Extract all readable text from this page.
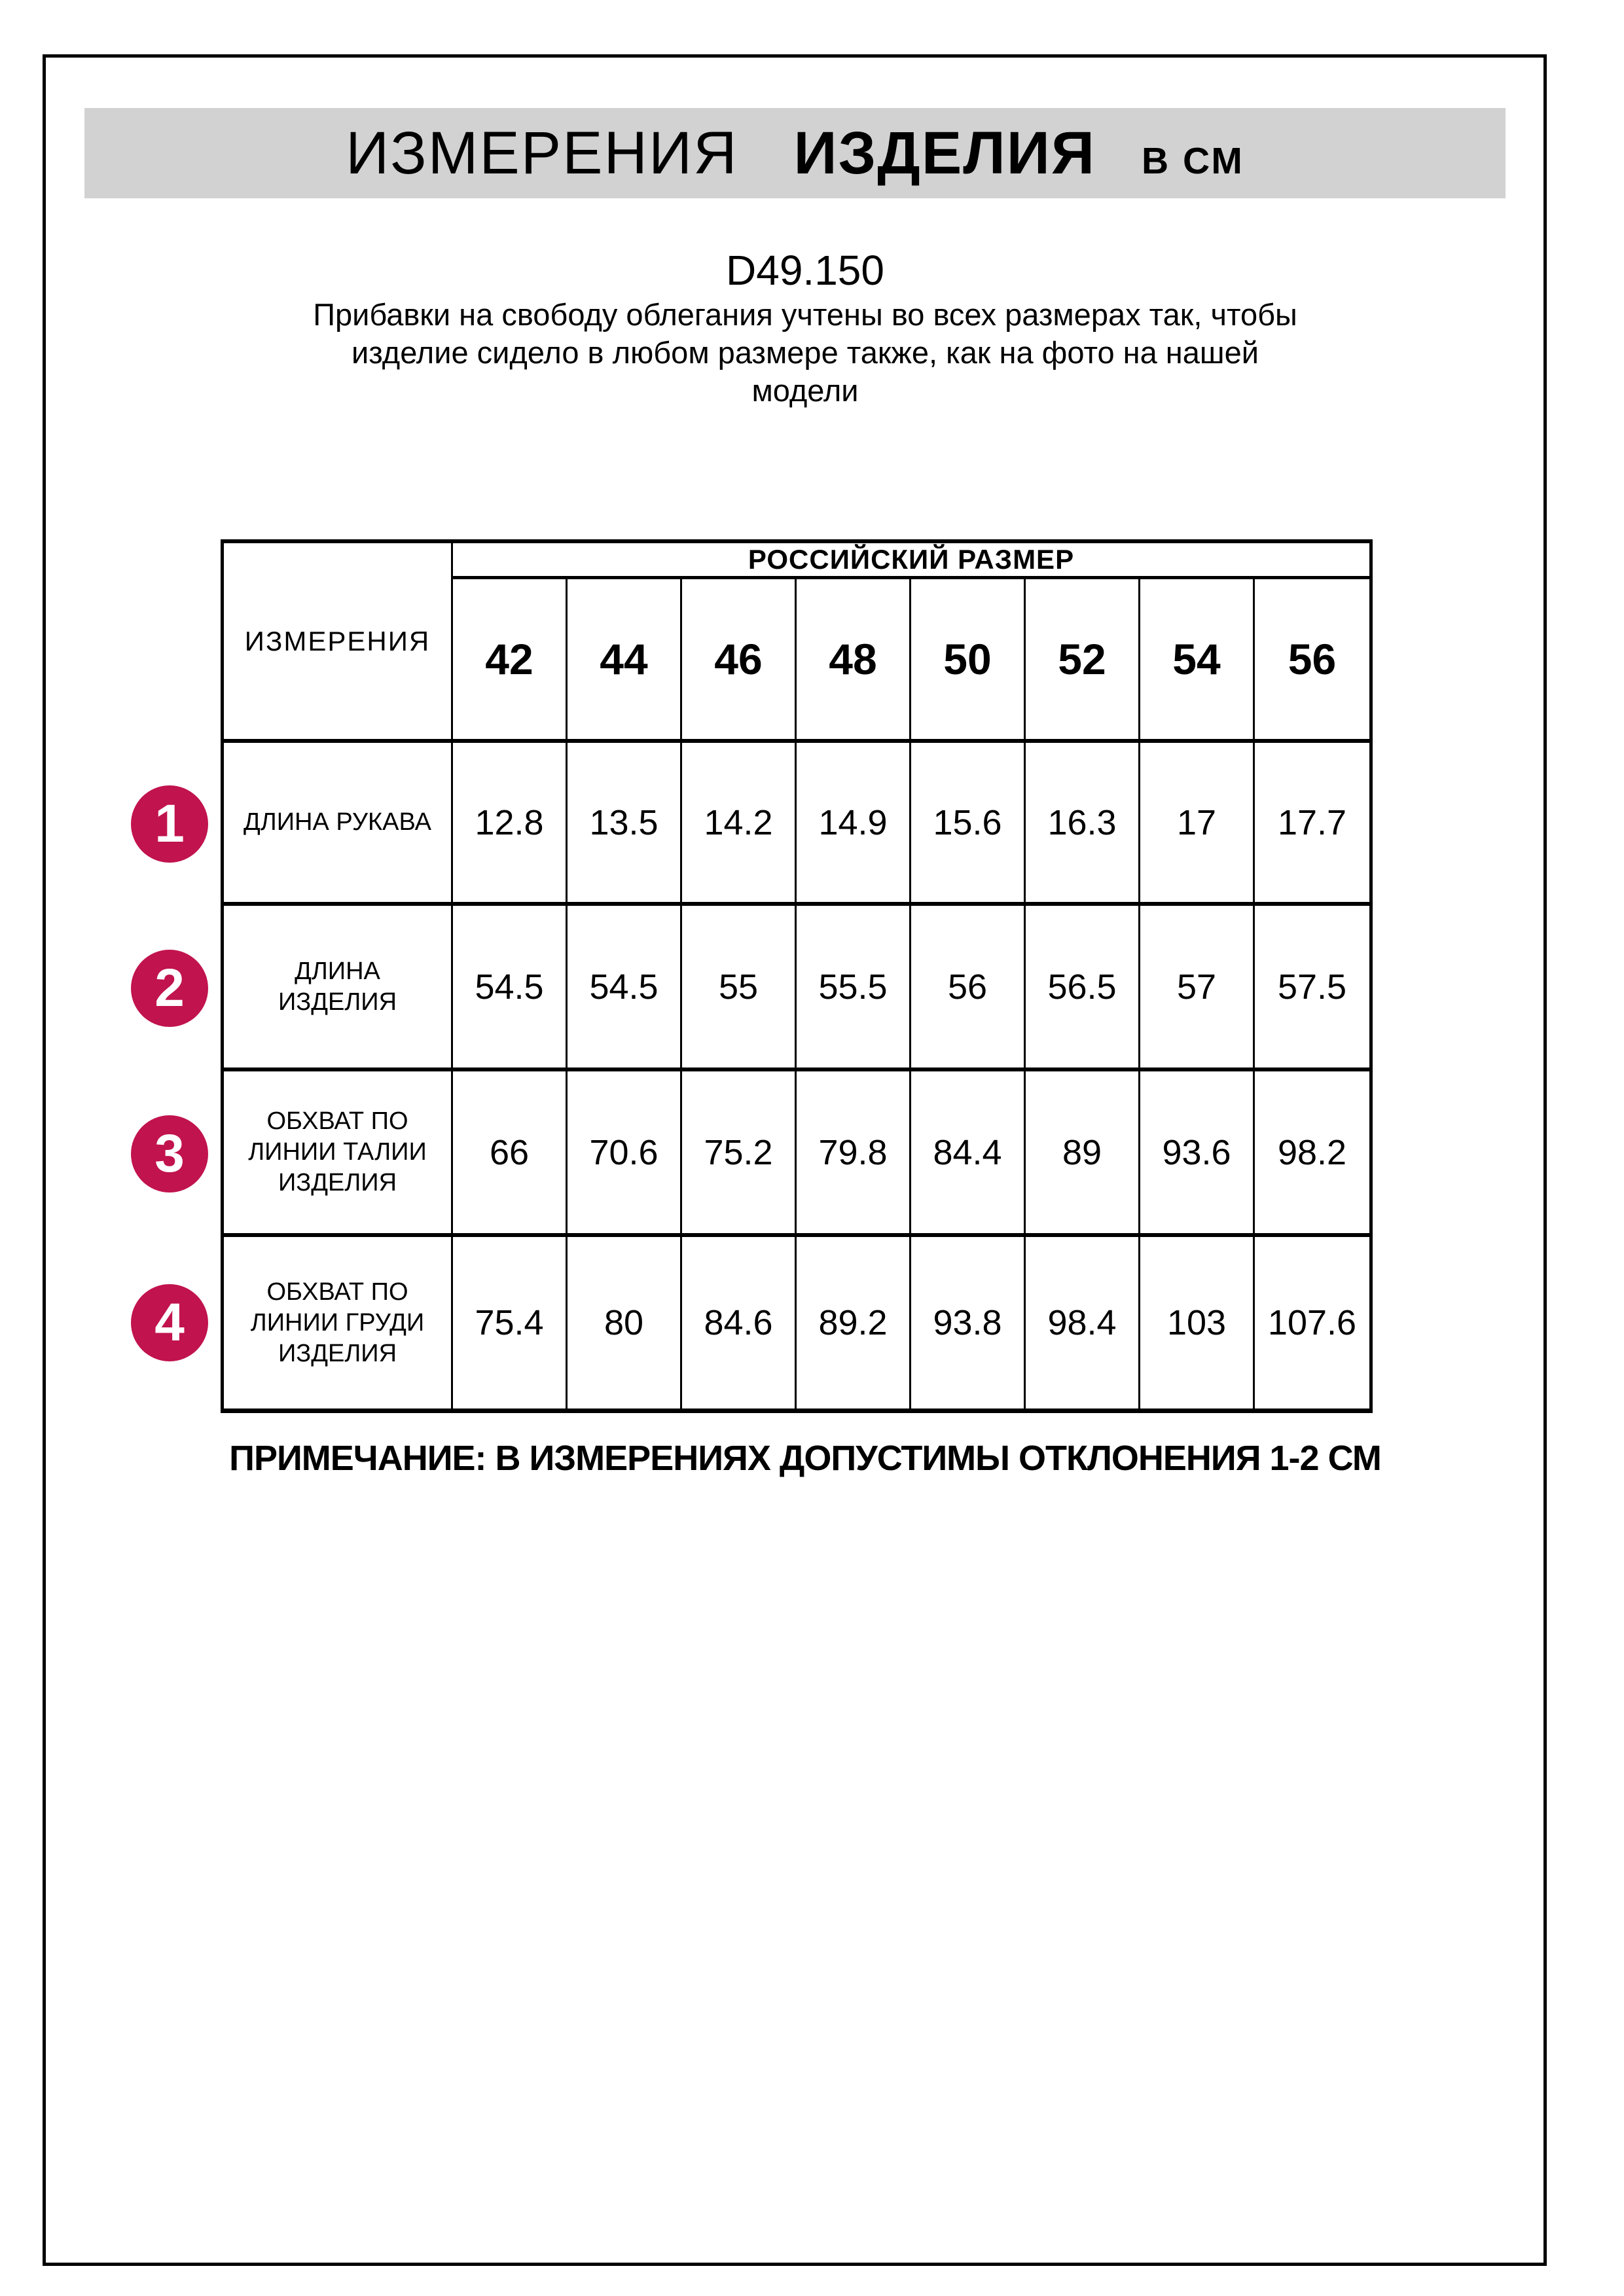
ИЗМЕРЕНИЯ ИЗДЕЛИЯ В СМ
D49.150
Прибавки на свободу облегания учтены во всех размерах так, чтобы
изделие сидело в любом размере также, как на фото на нашей
модели
ИЗМЕРЕНИЯ
РОССИЙСКИЙ РАЗМЕР
42	44	46	48	50	52	54	56
ДЛИНА РУКАВА	12.8	13.5	14.2	14.9	15.6	16.3	17	17.7
ДЛИНА
ИЗДЕЛИЯ	54.5	54.5	55	55.5	56	56.5	57	57.5
ОБХВАТ ПО
ЛИНИИ ТАЛИИ
ИЗДЕЛИЯ
66	70.6	75.2	79.8	84.4	89	93.6	98.2
ОБХВАТ ПО
ЛИНИИ ГРУДИ
ИЗДЕЛИЯ
75.4	80	84.6	89.2	93.8	98.4	103	107.6
1
2
3
4
ПРИМЕЧАНИЕ: В ИЗМЕРЕНИЯХ ДОПУСТИМЫ ОТКЛОНЕНИЯ 1-2 СМ
